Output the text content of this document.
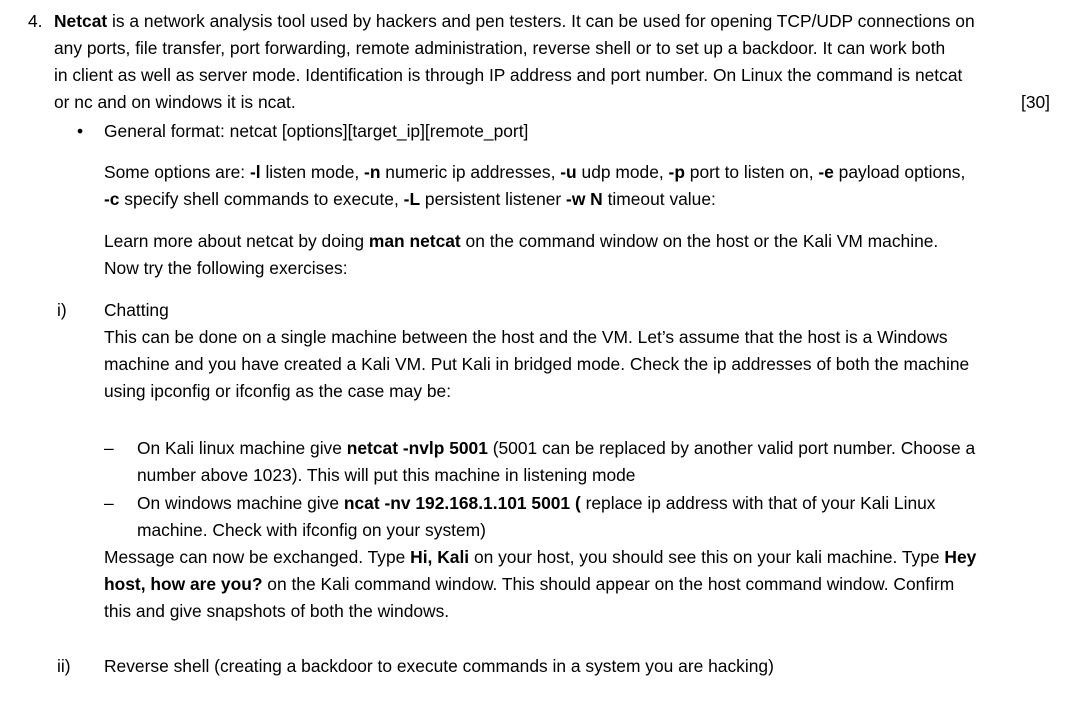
4. Netcat is a network analysis tool used by hackers and pen testers. It can be used for opening TCP/UDP connections on
any ports, file transfer, port forwarding, remote administration, reverse shell or to set up a backdoor. It can work both
in client as well as server mode. Identification is through IP address and port number. On Linux the command is netcat
or nc and on windows it is ncat.	[30]
• General format: netcat [options][target_ip][remote_port]
Some options are: -l listen mode, -n numeric ip addresses, -u udp mode, -p port to listen on, -e payload options,
-c specify shell commands to execute, -L persistent listener -w N timeout value:
Learn more about netcat by doing man netcat on the command window on the host or the Kali VM machine.
Now try the following exercises:
i) Chatting
This can be done on a single machine between the host and the VM. Let’s assume that the host is a Windows
machine and you have created a Kali VM. Put Kali in bridged mode. Check the ip addresses of both the machine
using ipconfig or ifconfig as the case may be:
– On Kali linux machine give netcat -nvlp 5001 (5001 can be replaced by another valid port number. Choose a
number above 1023). This will put this machine in listening mode
– On windows machine give ncat -nv 192.168.1.101 5001 ( replace ip address with that of your Kali Linux
machine. Check with ifconfig on your system)
Message can now be exchanged. Type Hi, Kali on your host, you should see this on your kali machine. Type Hey
host, how are you? on the Kali command window. This should appear on the host command window. Confirm
this and give snapshots of both the windows.
ii) Reverse shell (creating a backdoor to execute commands in a system you are hacking)
